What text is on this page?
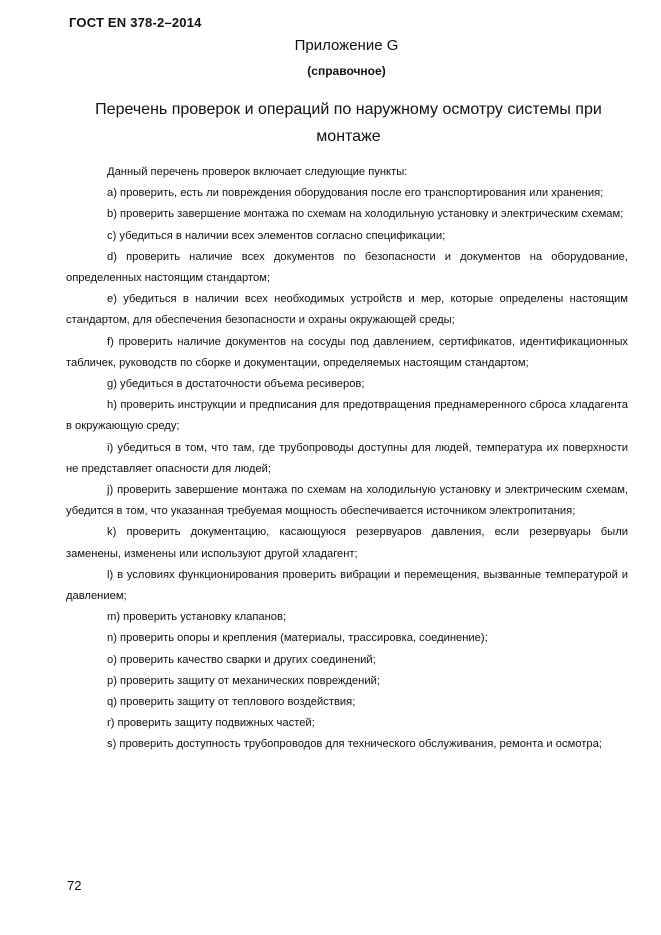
ГОСТ EN 378-2–2014
Приложение G
(справочное)
Перечень проверок и операций по наружному осмотру системы при монтаже

Данный перечень проверок включает следующие пункты:

a) проверить, есть ли повреждения оборудования после его транспортирования или хранения;

b) проверить завершение монтажа по схемам на холодильную установку и электрическим схемам;

c) убедиться в наличии всех элементов согласно спецификации;

d) проверить наличие всех документов по безопасности и документов на оборудование, определенных настоящим стандартом;

e) убедиться в наличии всех необходимых устройств и мер, которые определены настоящим стандартом, для обеспечения безопасности и охраны окружающей среды;

f) проверить наличие документов на сосуды под давлением, сертификатов, идентификационных табличек, руководств по сборке и документации, определяемых настоящим стандартом;

g) убедиться в достаточности объема ресиверов;

h) проверить инструкции и предписания для предотвращения преднамеренного сброса хладагента в окружающую среду;

i) убедиться в том, что там, где трубопроводы доступны для людей, температура их поверхности не представляет опасности для людей;

j) проверить завершение монтажа по схемам на холодильную установку и электрическим схемам, убедится в том, что указанная требуемая мощность обеспечивается источником электропитания;

k) проверить документацию, касающуюся резервуаров давления, если резервуары были заменены, изменены или используют другой хладагент;

l) в условиях функционирования проверить вибрации и перемещения, вызванные температурой и давлением;

m) проверить установку клапанов;

n) проверить опоры и крепления (материалы, трассировка, соединение);

o) проверить качество сварки и других соединений;

p) проверить защиту от механических повреждений;

q) проверить защиту от теплового воздействия;

r) проверить защиту подвижных частей;

s) проверить доступность трубопроводов для технического обслуживания, ремонта и осмотра;

72
